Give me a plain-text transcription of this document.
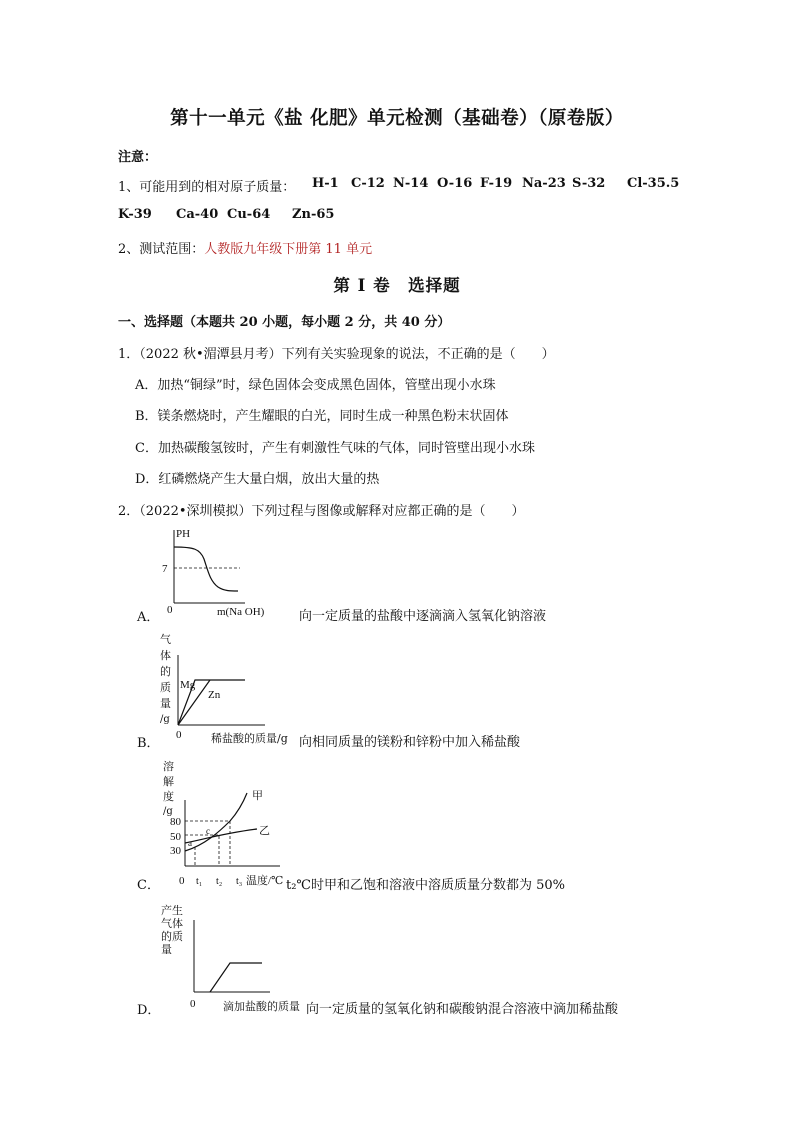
第十一单元《盐 化肥》单元检测（基础卷）（原卷版）
注意：
1、可能用到的相对原子质量： H-1 C-12 N-14 O-16 F-19 Na-23 S-32 Cl-35.5
K-39 Ca-40 Cu-64 Zn-65
2、测试范围：人教版九年级下册第 11 单元
第 I 卷　选择题
一、选择题（本题共 20 小题，每小题 2 分，共 40 分）
1．（2022 秋•湄潭县月考）下列有关实验现象的说法，不正确的是（　　）
A．加热“铜绿”时，绿色固体会变成黑色固体，管壁出现小水珠
B．镁条燃烧时，产生耀眼的白光，同时生成一种黑色粉末状固体
C．加热碳酸氢铵时，产生有刺激性气味的气体，同时管壁出现小水珠
D．红磷燃烧产生大量白烟，放出大量的热
2．（2022•深圳模拟）下列过程与图像或解释对应都正确的是（　　）
PH
7
0
A．	m(Na OH)	向一定质量的盐酸中逐滴滴入氢氧化钠溶液
气
体
的
质
量
/g
Mg
Zn
0
B．	稀盐酸的质量/g 向相同质量的镁粉和锌粉中加入稀盐酸
溶
解
度
/g
甲
乙
a
c
80
50
30
0 t₁ t₂ t₃ 温度/℃
C．	t₂℃时甲和乙饱和溶液中溶质质量分数都为 50%
产生
气体
的质
量
0
D．	滴加盐酸的质量 向一定质量的氢氧化钠和碳酸钠混合溶液中滴加稀盐酸
